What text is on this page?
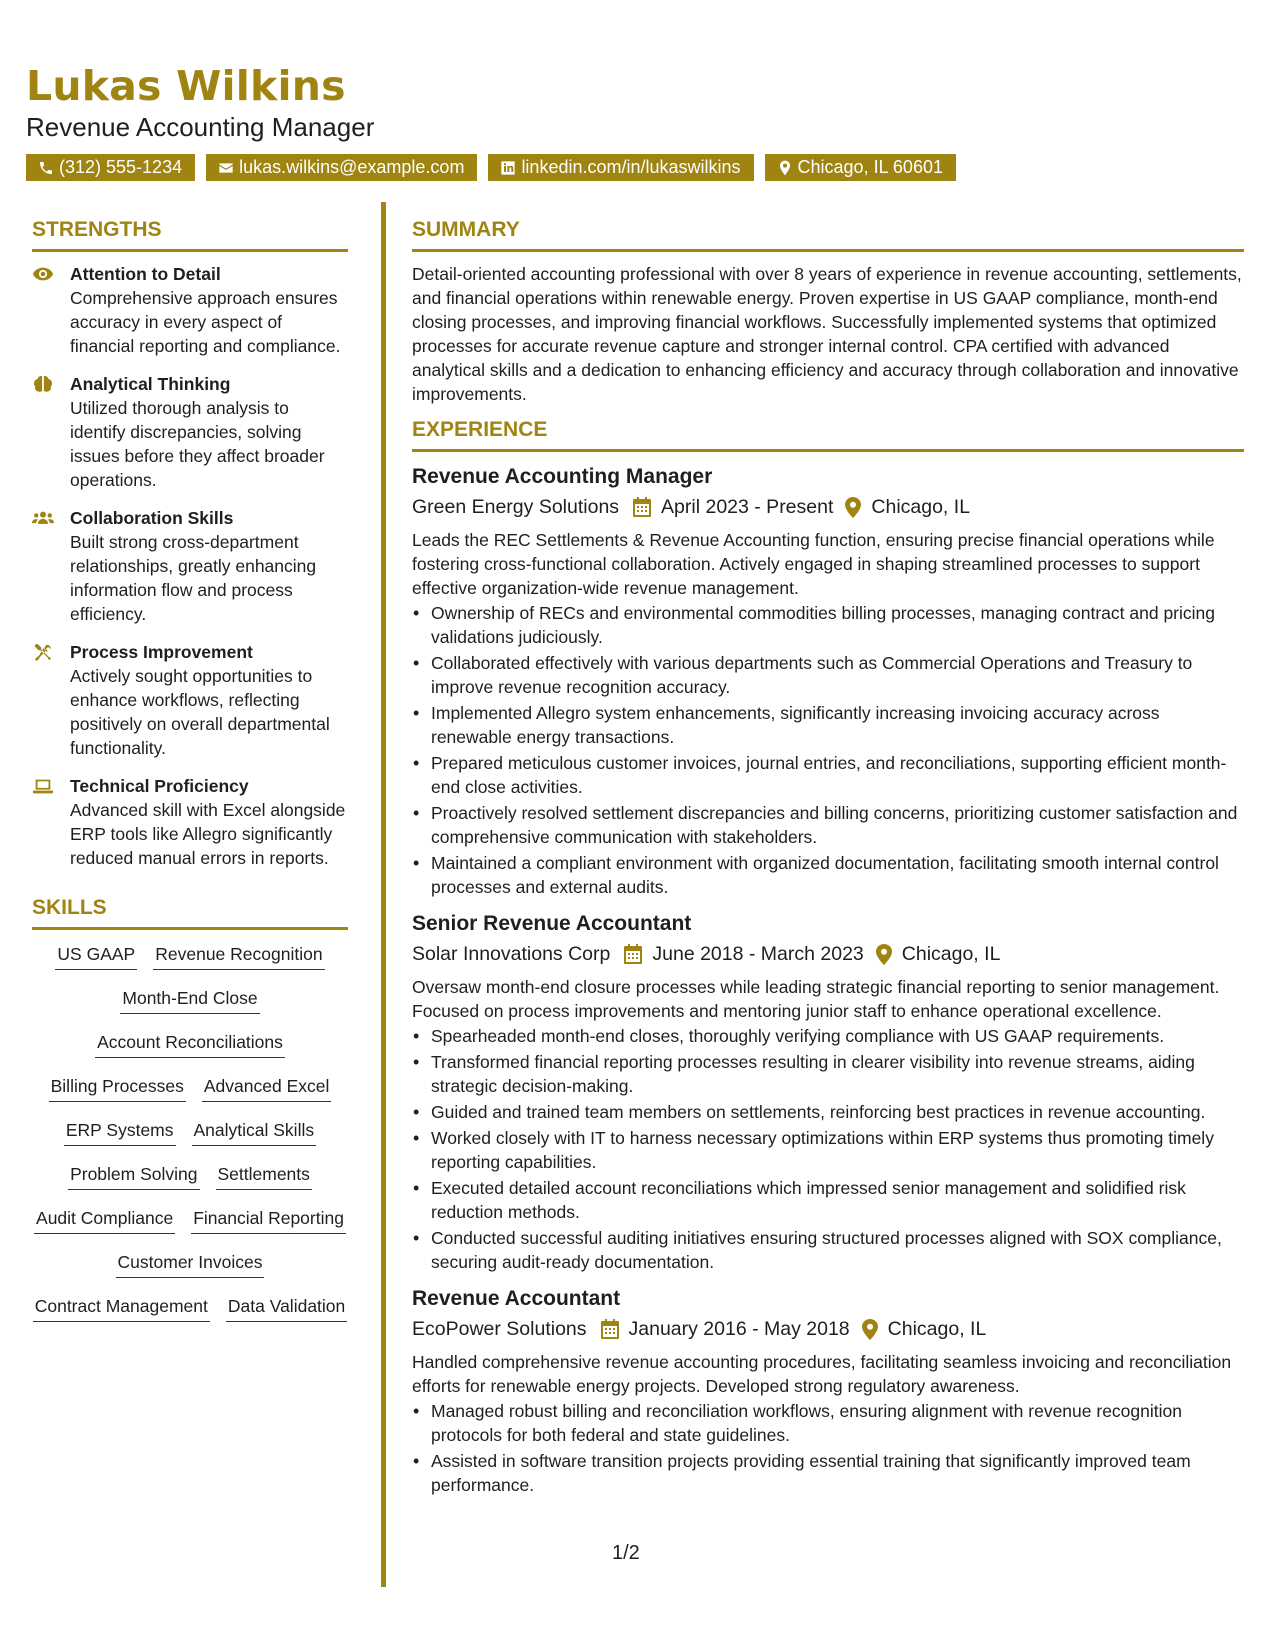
Lukas Wilkins
Revenue Accounting Manager
(312) 555-1234	lukas.wilkins@example.com	linkedin.com/in/lukaswilkins	Chicago, IL 60601
STRENGTHS
Attention to Detail
Comprehensive approach ensures accuracy in every aspect of financial reporting and compliance.
Analytical Thinking
Utilized thorough analysis to identify discrepancies, solving issues before they affect broader operations.
Collaboration Skills
Built strong cross-department relationships, greatly enhancing information flow and process efficiency.
Process Improvement
Actively sought opportunities to enhance workflows, reflecting positively on overall departmental functionality.
Technical Proficiency
Advanced skill with Excel alongside ERP tools like Allegro significantly reduced manual errors in reports.
SKILLS
US GAAP Revenue Recognition
Month-End Close
Account Reconciliations
Billing Processes Advanced Excel
ERP Systems Analytical Skills
Problem Solving Settlements
Audit Compliance Financial Reporting
Customer Invoices
Contract Management Data Validation
SUMMARY
Detail-oriented accounting professional with over 8 years of experience in revenue accounting, settlements, and financial operations within renewable energy. Proven expertise in US GAAP compliance, month-end closing processes, and improving financial workflows. Successfully implemented systems that optimized processes for accurate revenue capture and stronger internal control. CPA certified with advanced analytical skills and a dedication to enhancing efficiency and accuracy through collaboration and innovative improvements.
EXPERIENCE
Revenue Accounting Manager
Green Energy Solutions April 2023 - Present Chicago, IL
Leads the REC Settlements & Revenue Accounting function, ensuring precise financial operations while fostering cross-functional collaboration. Actively engaged in shaping streamlined processes to support effective organization-wide revenue management.
• Ownership of RECs and environmental commodities billing processes, managing contract and pricing validations judiciously.
• Collaborated effectively with various departments such as Commercial Operations and Treasury to improve revenue recognition accuracy.
• Implemented Allegro system enhancements, significantly increasing invoicing accuracy across renewable energy transactions.
• Prepared meticulous customer invoices, journal entries, and reconciliations, supporting efficient month-end close activities.
• Proactively resolved settlement discrepancies and billing concerns, prioritizing customer satisfaction and comprehensive communication with stakeholders.
• Maintained a compliant environment with organized documentation, facilitating smooth internal control processes and external audits.
Senior Revenue Accountant
Solar Innovations Corp June 2018 - March 2023 Chicago, IL
Oversaw month-end closure processes while leading strategic financial reporting to senior management. Focused on process improvements and mentoring junior staff to enhance operational excellence.
• Spearheaded month-end closes, thoroughly verifying compliance with US GAAP requirements.
• Transformed financial reporting processes resulting in clearer visibility into revenue streams, aiding strategic decision-making.
• Guided and trained team members on settlements, reinforcing best practices in revenue accounting.
• Worked closely with IT to harness necessary optimizations within ERP systems thus promoting timely reporting capabilities.
• Executed detailed account reconciliations which impressed senior management and solidified risk reduction methods.
• Conducted successful auditing initiatives ensuring structured processes aligned with SOX compliance, securing audit-ready documentation.
Revenue Accountant
EcoPower Solutions January 2016 - May 2018 Chicago, IL
Handled comprehensive revenue accounting procedures, facilitating seamless invoicing and reconciliation efforts for renewable energy projects. Developed strong regulatory awareness.
• Managed robust billing and reconciliation workflows, ensuring alignment with revenue recognition protocols for both federal and state guidelines.
• Assisted in software transition projects providing essential training that significantly improved team performance.
1/2
